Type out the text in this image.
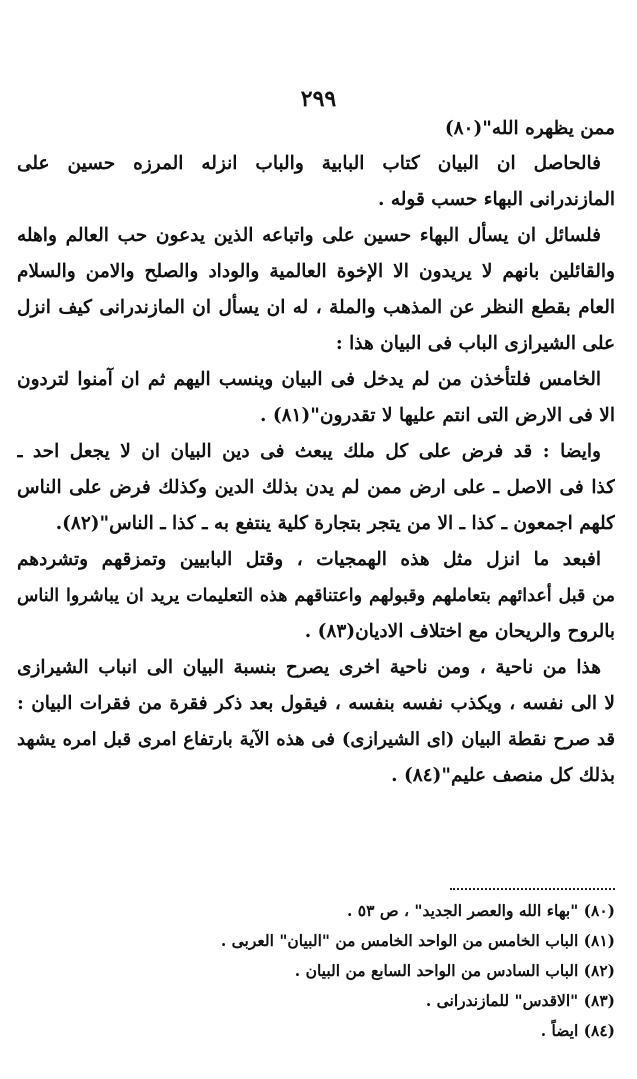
٢٩٩
ممن يظهره الله"(٨٠)
فالحاصل ان البيان كتاب البابية والباب انزله المرزه حسين على
المازندرانى البهاء حسب قوله .
فلسائل ان يسأل البهاء حسين على واتباعه الذين يدعون حب العالم واهله
والقائلين بانهم لا يريدون الا الإخوة العالمية والوداد والصلح والامن والسلام
العام بقطع النظر عن المذهب والملة ، له ان يسأل ان المازندرانى كيف انزل
على الشيرازى الباب فى البيان هذا :
الخامس فلتأخذن من لم يدخل فى البيان وينسب اليهم ثم ان آمنوا لتردون
الا فى الارض التى انتم عليها لا تقدرون"(٨١) .
وايضا : قد فرض على كل ملك يبعث فى دين البيان ان لا يجعل احد ـ
كذا فى الاصل ـ على ارض ممن لم يدن بذلك الدين وكذلك فرض على الناس
كلهم اجمعون ـ كذا ـ الا من يتجر بتجارة كلية ينتفع به ـ كذا ـ الناس"(٨٢).
افبعد ما انزل مثل هذه الهمجيات ، وقتل البابيين وتمزقهم وتشردهم
من قبل أعدائهم بتعاملهم وقبولهم واعتناقهم هذه التعليمات يريد ان يباشروا الناس
بالروح والريحان مع اختلاف الاديان(٨٣) .
هذا من ناحية ، ومن ناحية اخرى يصرح بنسبة البيان الى انباب الشيرازى
لا الى نفسه ، ويكذب نفسه بنفسه ، فيقول بعد ذكر فقرة من فقرات البيان :
قد صرح نقطة البيان (اى الشيرازى) فى هذه الآية بارتفاع امرى قبل امره يشهد
بذلك كل منصف عليم"(٨٤) .
(٨٠) "بهاء الله والعصر الجديد" ، ص ٥٣ .
(٨١) الباب الخامس من الواحد الخامس من "البيان" العربى .
(٨٢) الباب السادس من الواحد السابع من البيان .
(٨٣) "الاقدس" للمازندرانى .
(٨٤) ايضاً .
